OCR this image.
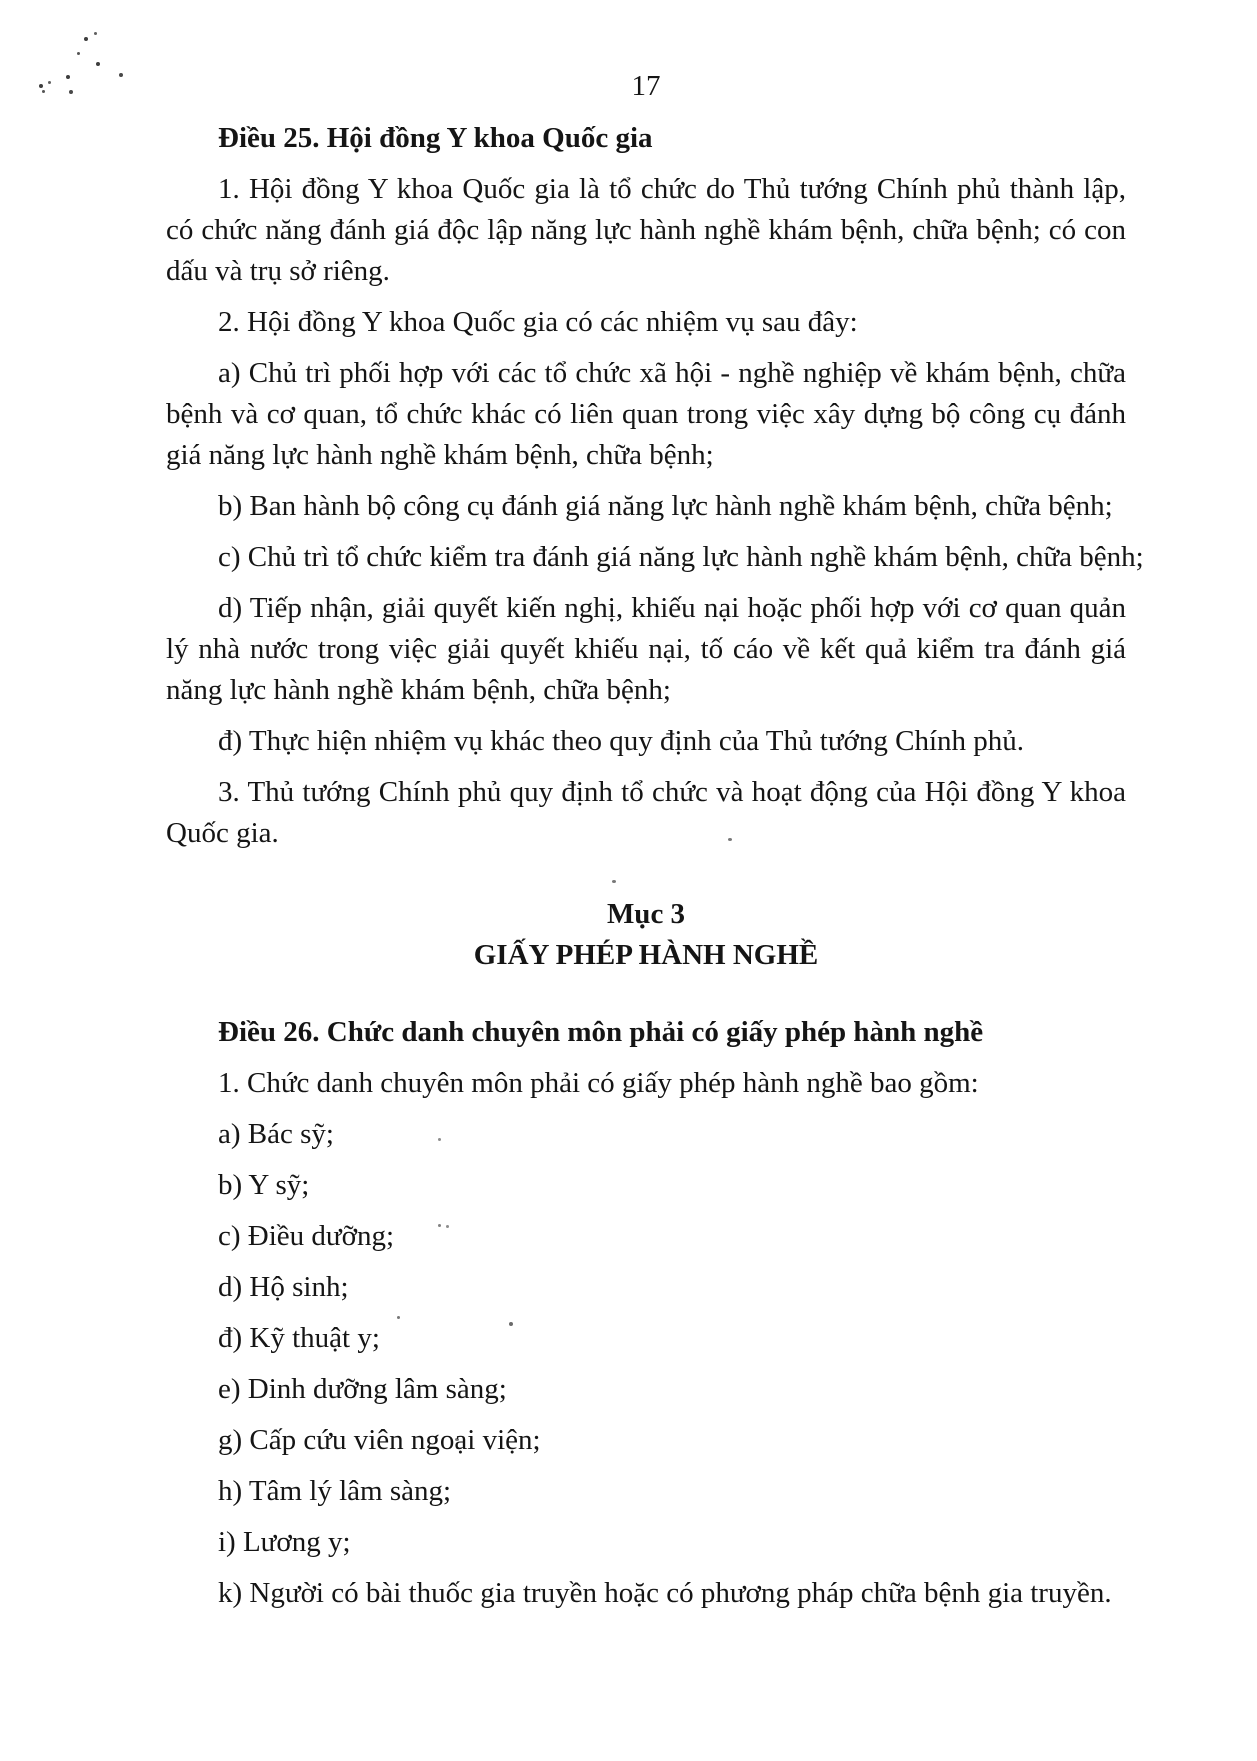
17
Điều 25. Hội đồng Y khoa Quốc gia

1. Hội đồng Y khoa Quốc gia là tổ chức do Thủ tướng Chính phủ thành lập, có chức năng đánh giá độc lập năng lực hành nghề khám bệnh, chữa bệnh; có con dấu và trụ sở riêng.

2. Hội đồng Y khoa Quốc gia có các nhiệm vụ sau đây:

a) Chủ trì phối hợp với các tổ chức xã hội - nghề nghiệp về khám bệnh, chữa bệnh và cơ quan, tổ chức khác có liên quan trong việc xây dựng bộ công cụ đánh giá năng lực hành nghề khám bệnh, chữa bệnh;

b) Ban hành bộ công cụ đánh giá năng lực hành nghề khám bệnh, chữa bệnh;

c) Chủ trì tổ chức kiểm tra đánh giá năng lực hành nghề khám bệnh, chữa bệnh;

d) Tiếp nhận, giải quyết kiến nghị, khiếu nại hoặc phối hợp với cơ quan quản lý nhà nước trong việc giải quyết khiếu nại, tố cáo về kết quả kiểm tra đánh giá năng lực hành nghề khám bệnh, chữa bệnh;

đ) Thực hiện nhiệm vụ khác theo quy định của Thủ tướng Chính phủ.

3. Thủ tướng Chính phủ quy định tổ chức và hoạt động của Hội đồng Y khoa Quốc gia.

Mục 3
GIẤY PHÉP HÀNH NGHỀ
Điều 26. Chức danh chuyên môn phải có giấy phép hành nghề

1. Chức danh chuyên môn phải có giấy phép hành nghề bao gồm:

a) Bác sỹ;

b) Y sỹ;

c) Điều dưỡng;

d) Hộ sinh;

đ) Kỹ thuật y;

e) Dinh dưỡng lâm sàng;

g) Cấp cứu viên ngoại viện;

h) Tâm lý lâm sàng;

i) Lương y;

k) Người có bài thuốc gia truyền hoặc có phương pháp chữa bệnh gia truyền.
